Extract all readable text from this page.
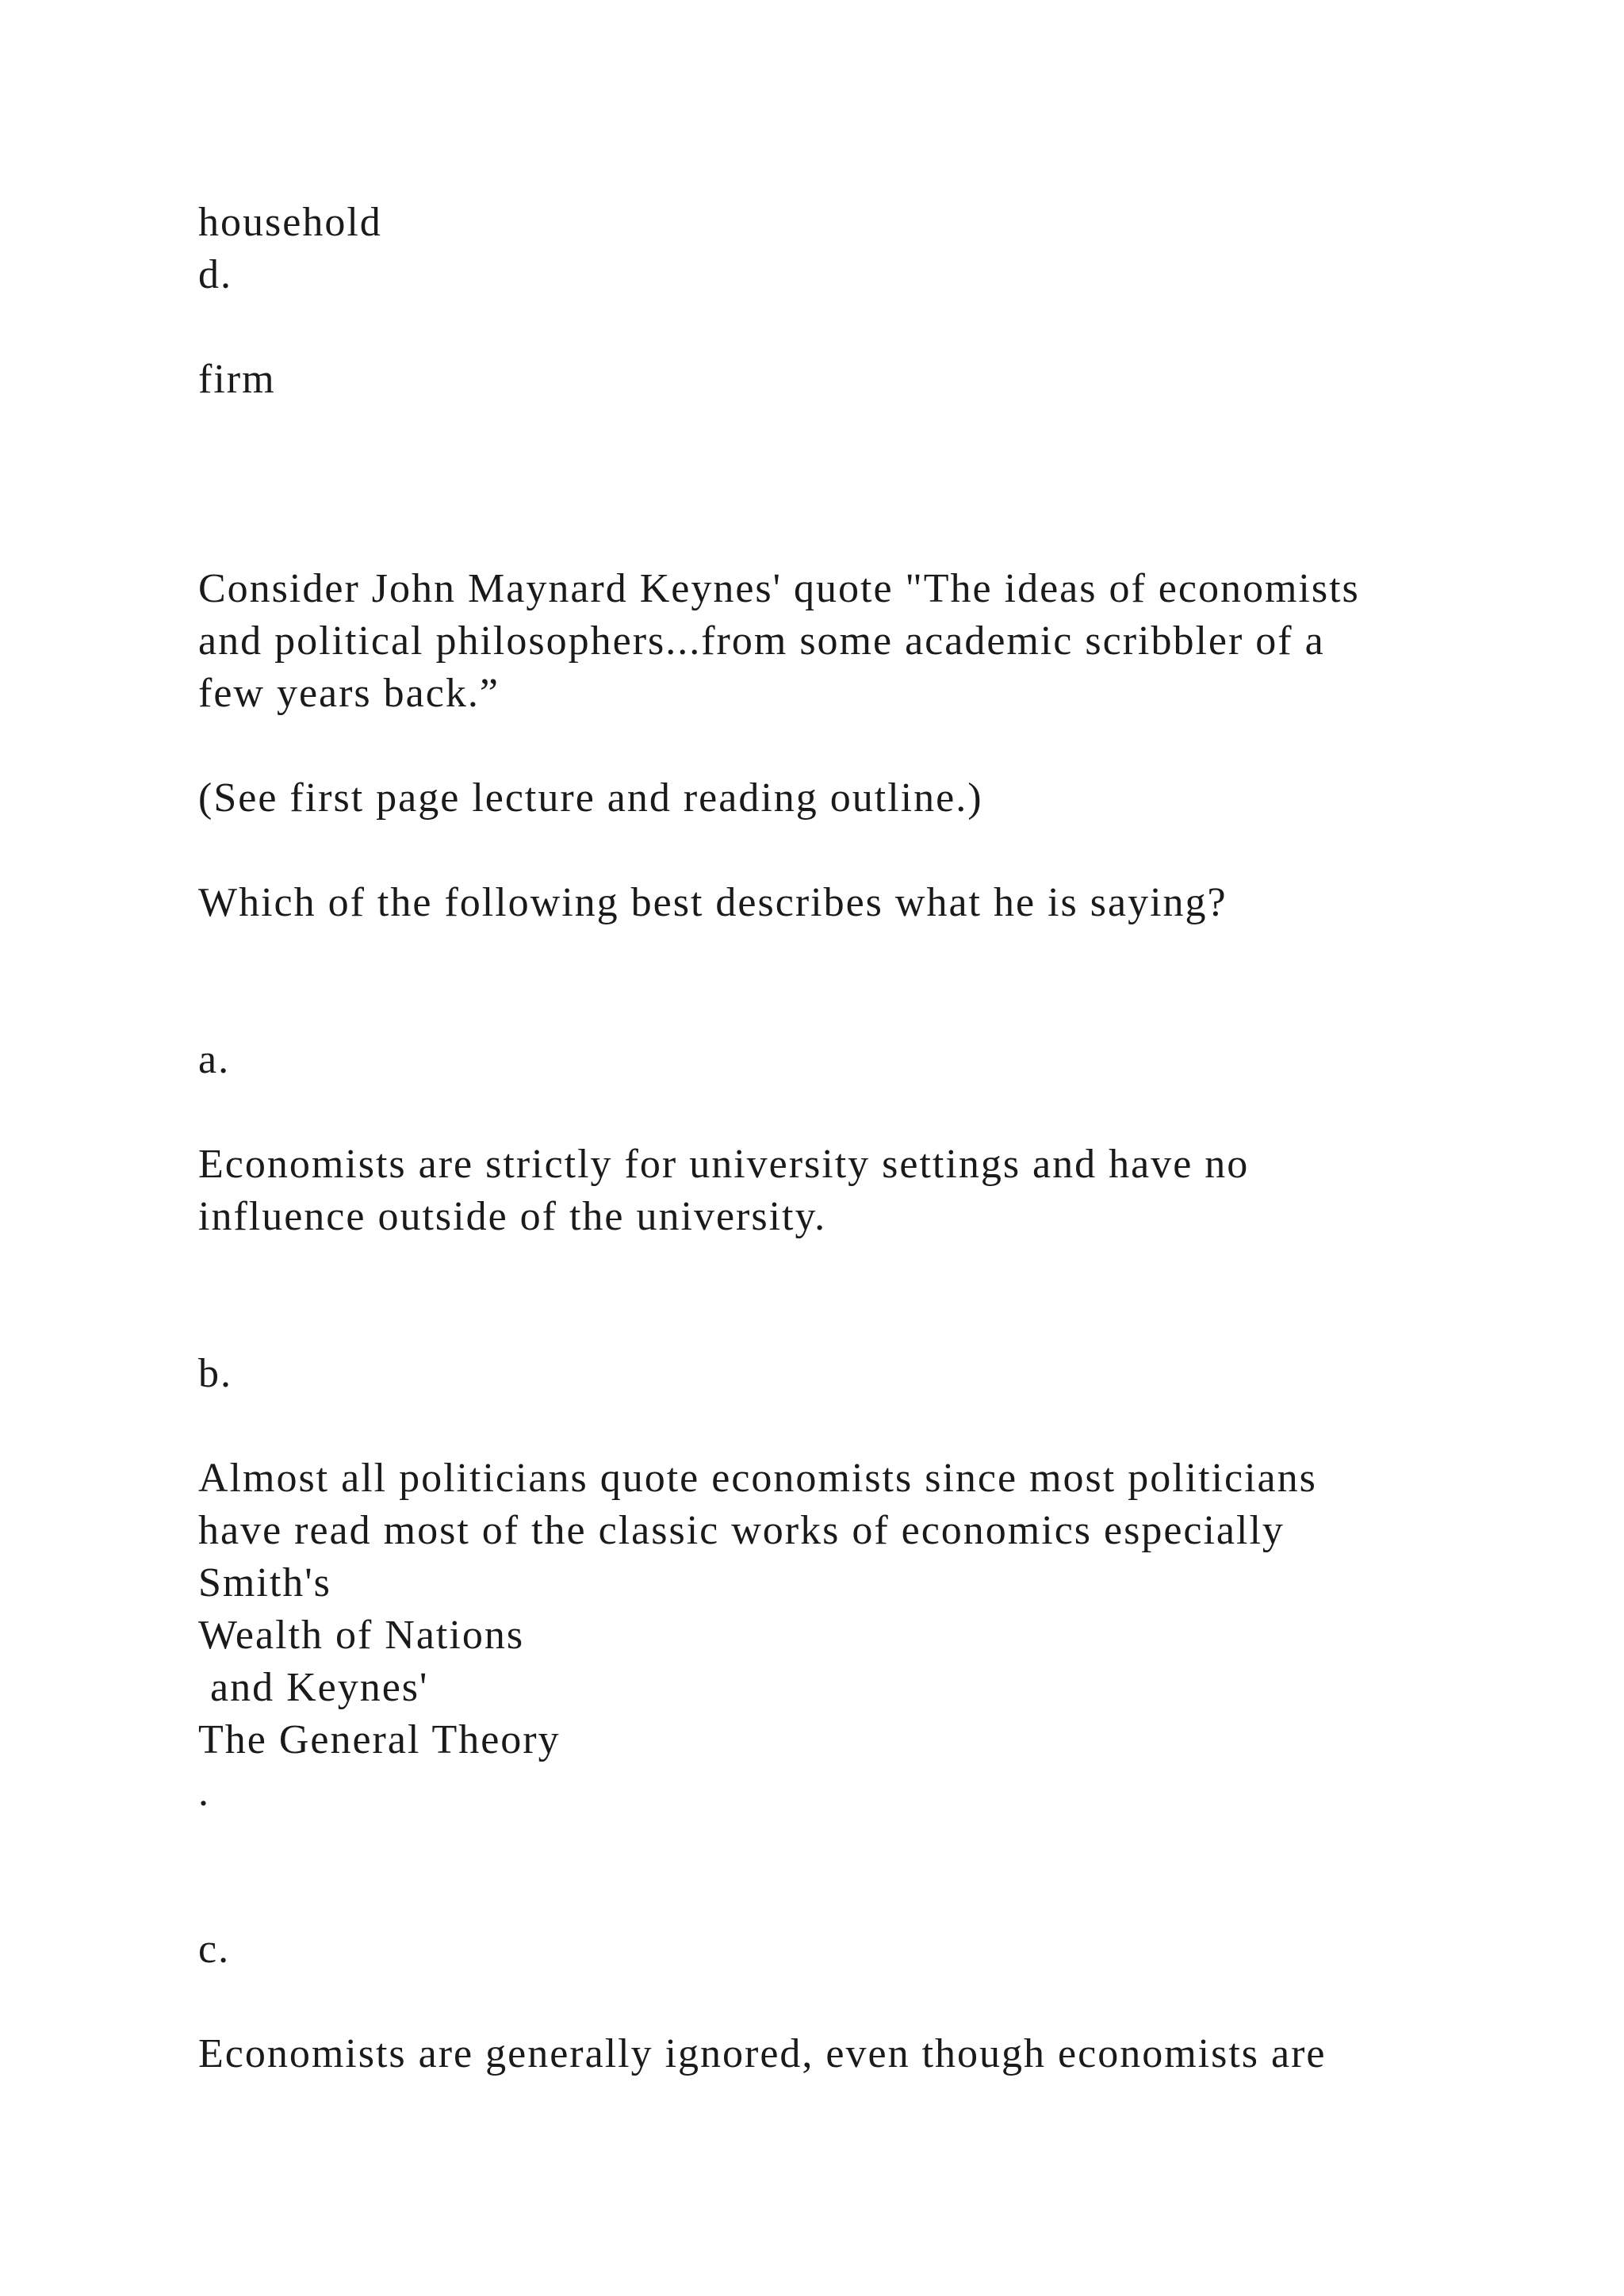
household
d.
firm
Consider John Maynard Keynes' quote "The ideas of economists
and political philosophers...from some academic scribbler of a
few years back.”
(See first page lecture and reading outline.)
Which of the following best describes what he is saying?
a.
Economists are strictly for university settings and have no
influence outside of the university.
b.
Almost all politicians quote economists since most politicians
have read most of the classic works of economics especially
Smith's
Wealth of Nations
and Keynes'
The General Theory
.
c.
Economists are generally ignored, even though economists are
